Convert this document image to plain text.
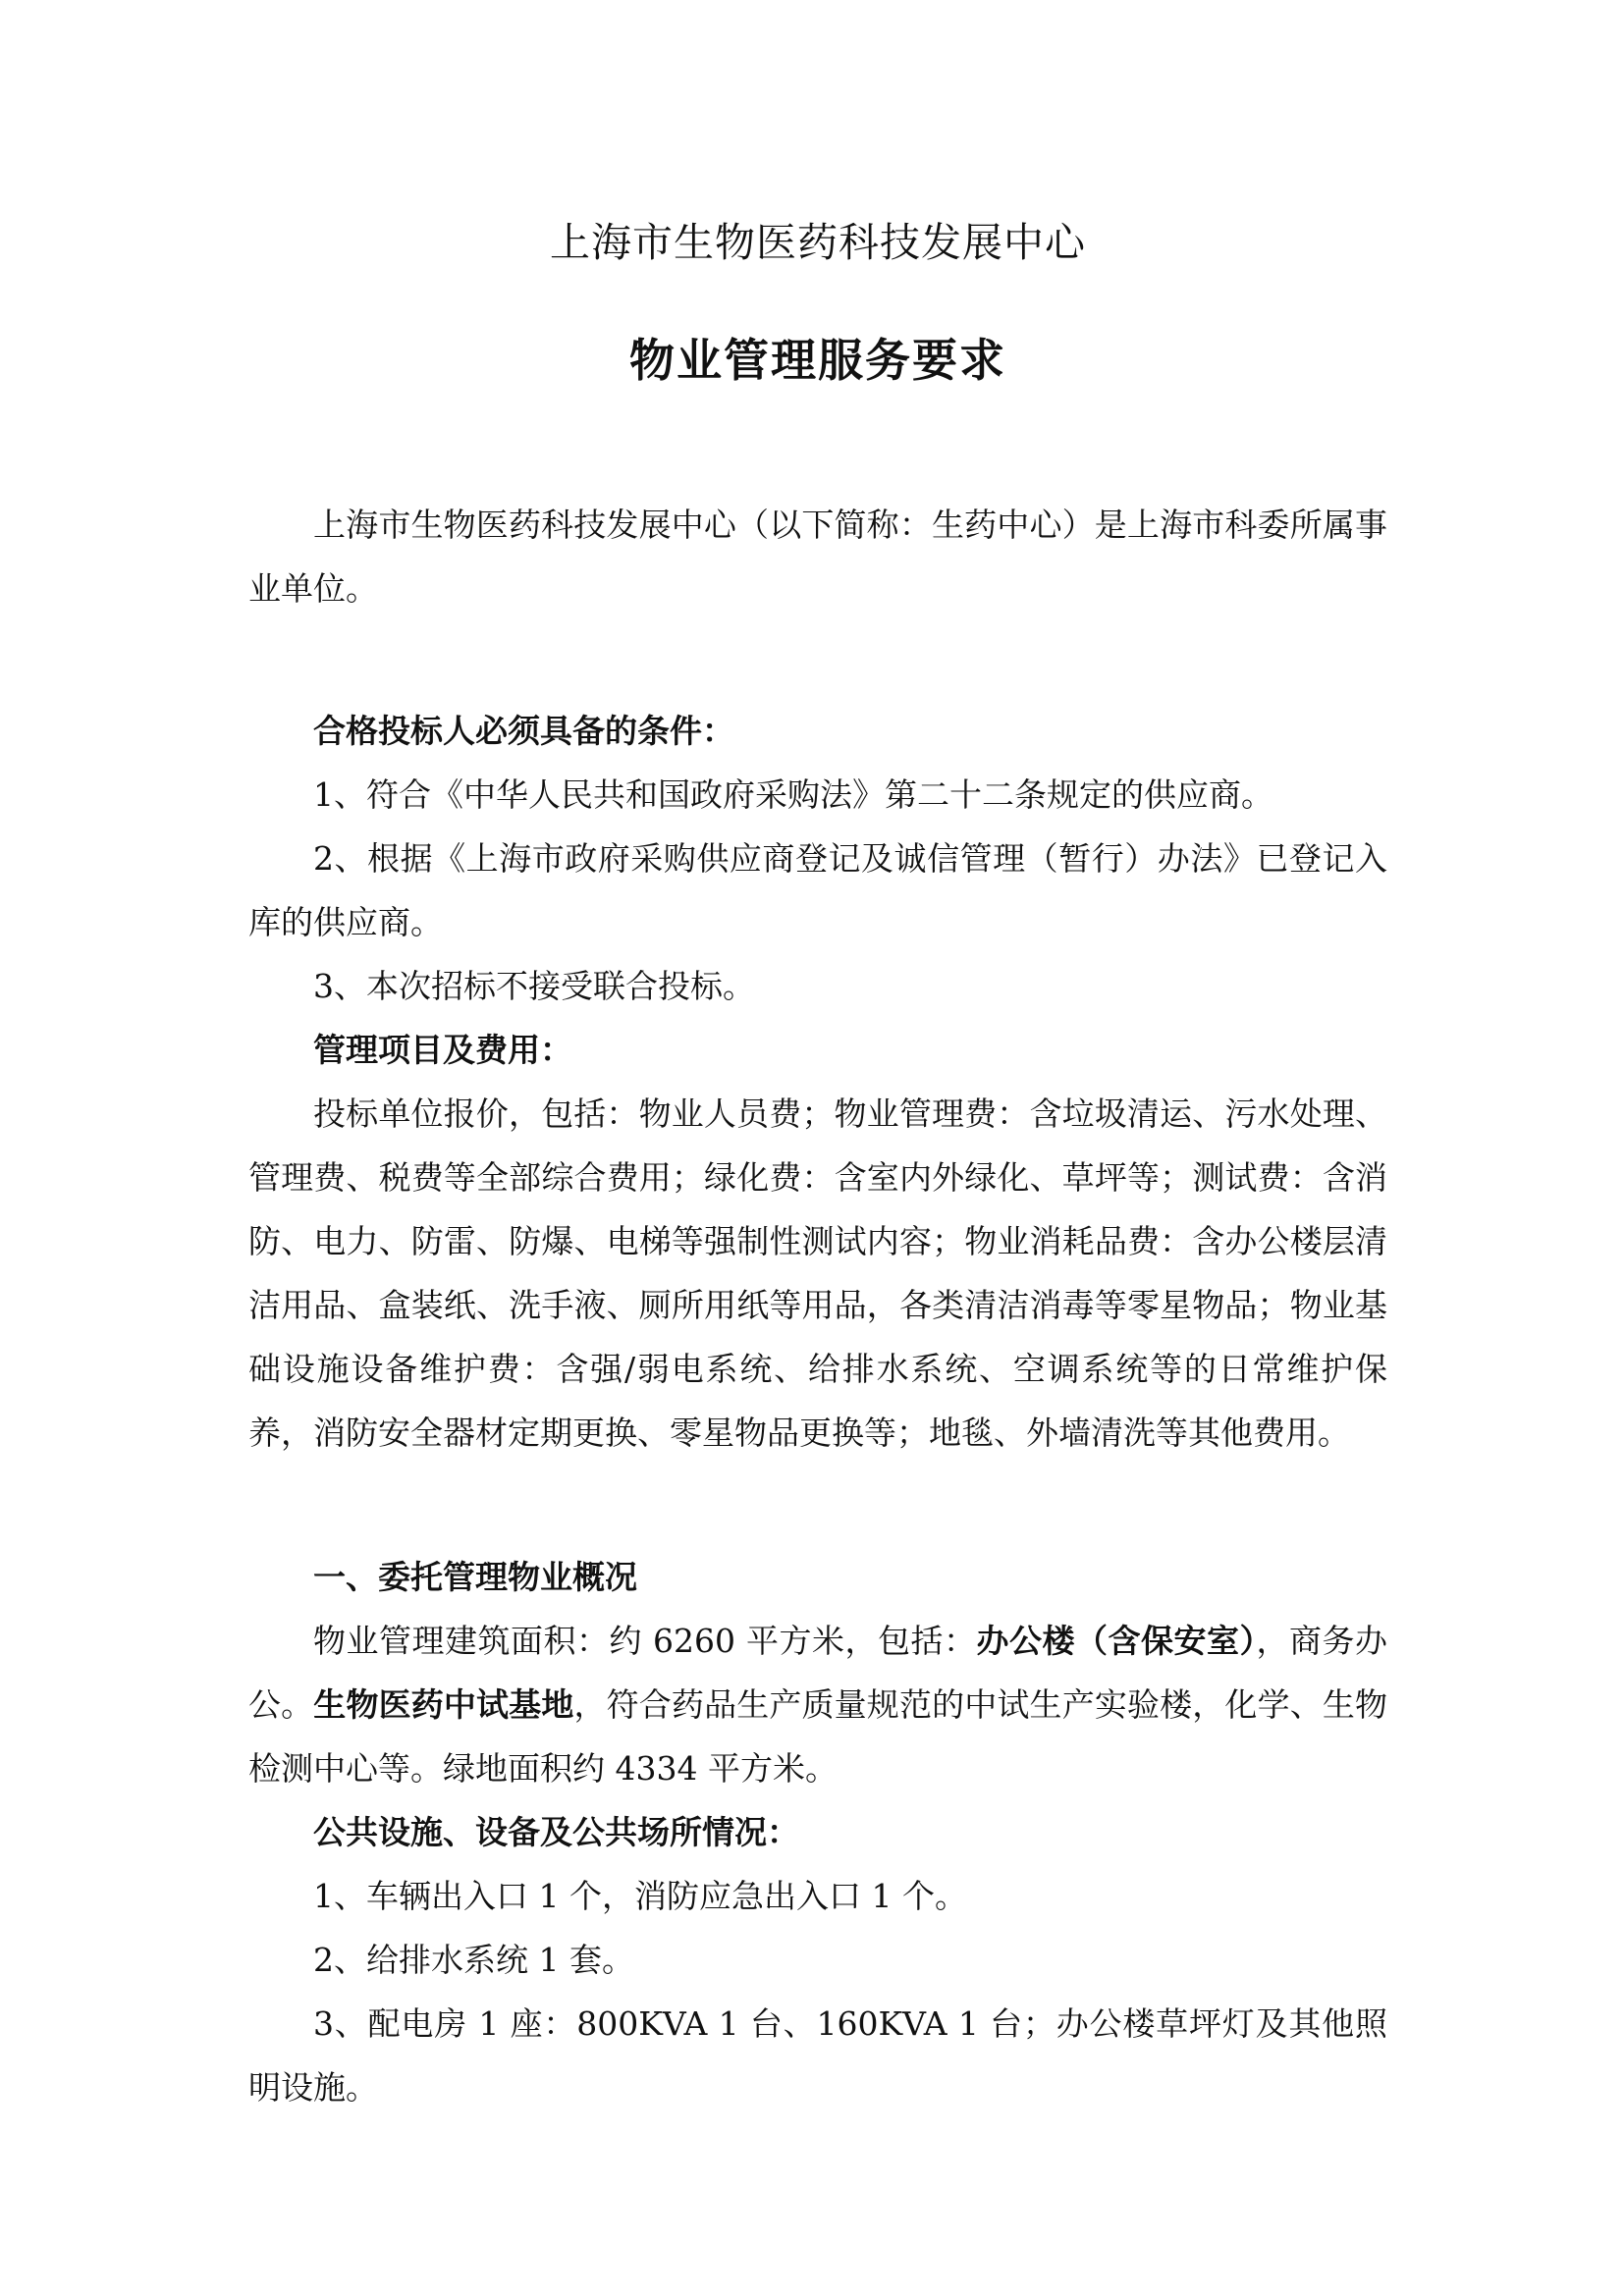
上海市生物医药科技发展中心
物业管理服务要求

上海市生物医药科技发展中心（以下简称：生药中心）是上海市科委所属事业单位。

合格投标人必须具备的条件：

1、符合《中华人民共和国政府采购法》第二十二条规定的供应商。

2、根据《上海市政府采购供应商登记及诚信管理（暂行）办法》已登记入库的供应商。

3、本次招标不接受联合投标。

管理项目及费用：

投标单位报价，包括：物业人员费；物业管理费：含垃圾清运、污水处理、管理费、税费等全部综合费用；绿化费：含室内外绿化、草坪等；测试费：含消防、电力、防雷、防爆、电梯等强制性测试内容；物业消耗品费：含办公楼层清洁用品、盒装纸、洗手液、厕所用纸等用品，各类清洁消毒等零星物品；物业基础设施设备维护费：含强/弱电系统、给排水系统、空调系统等的日常维护保养，消防安全器材定期更换、零星物品更换等；地毯、外墙清洗等其他费用。

一、委托管理物业概况

物业管理建筑面积：约 6260 平方米，包括：办公楼（含保安室），商务办公。生物医药中试基地，符合药品生产质量规范的中试生产实验楼，化学、生物检测中心等。绿地面积约 4334 平方米。

公共设施、设备及公共场所情况：

1、车辆出入口 1 个，消防应急出入口 1 个。

2、给排水系统 1 套。

3、配电房 1 座：800KVA 1 台、160KVA 1 台；办公楼草坪灯及其他照明设施。
